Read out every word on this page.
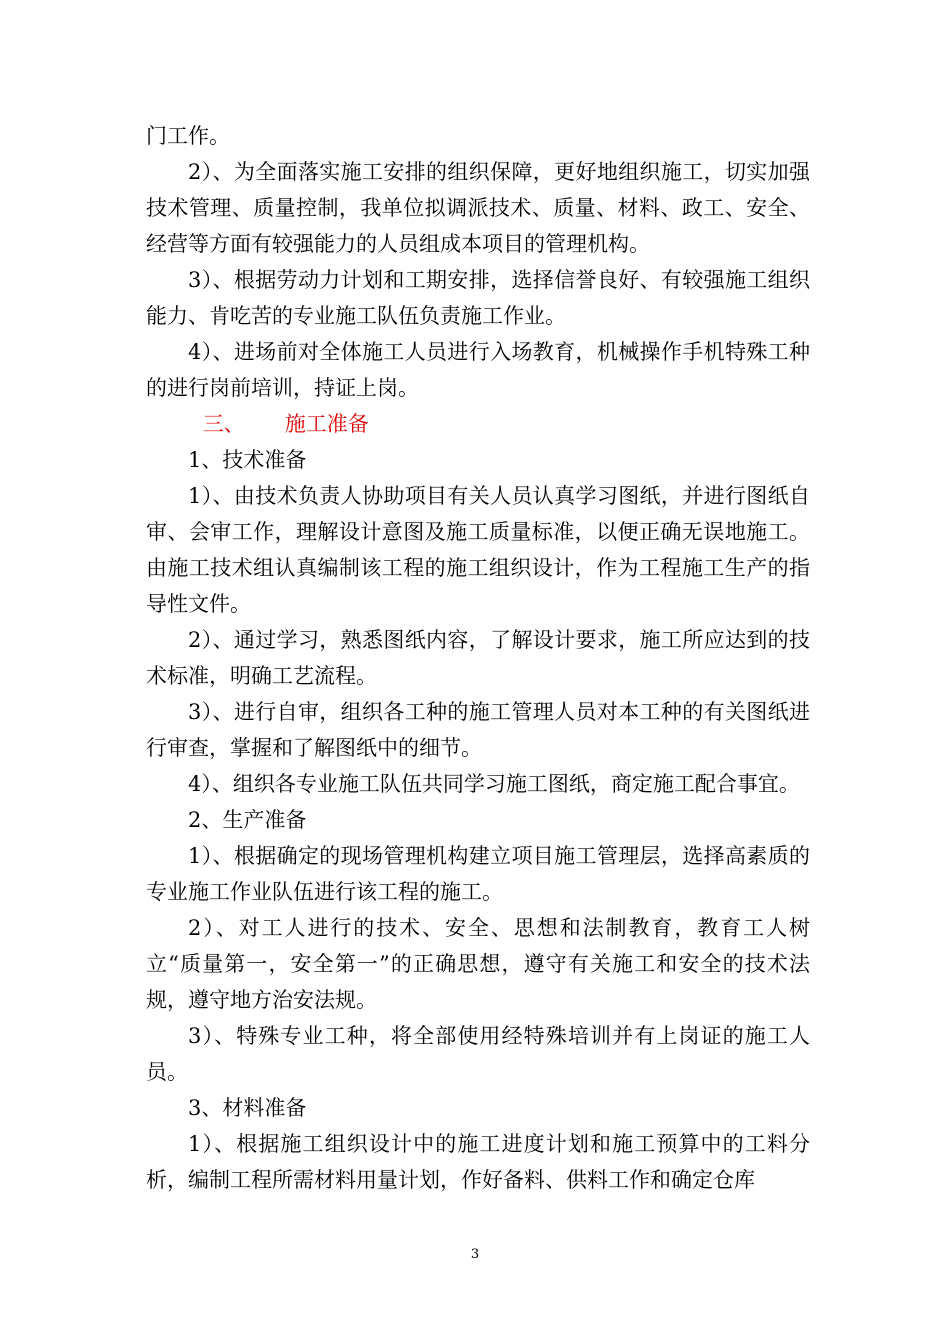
门工作。

2）、为全面落实施工安排的组织保障，更好地组织施工，切实加强技术管理、质量控制，我单位拟调派技术、质量、材料、政工、安全、经营等方面有较强能力的人员组成本项目的管理机构。

3）、根据劳动力计划和工期安排，选择信誉良好、有较强施工组织能力、肯吃苦的专业施工队伍负责施工作业。

4）、进场前对全体施工人员进行入场教育，机械操作手机特殊工种的进行岗前培训，持证上岗。

三、      施工准备

1、技术准备

1）、由技术负责人协助项目有关人员认真学习图纸，并进行图纸自审、会审工作，理解设计意图及施工质量标准，以便正确无误地施工。由施工技术组认真编制该工程的施工组织设计，作为工程施工生产的指导性文件。

2）、通过学习，熟悉图纸内容，了解设计要求，施工所应达到的技术标准，明确工艺流程。

3）、进行自审，组织各工种的施工管理人员对本工种的有关图纸进行审查，掌握和了解图纸中的细节。

4）、组织各专业施工队伍共同学习施工图纸，商定施工配合事宜。

2、生产准备

1）、根据确定的现场管理机构建立项目施工管理层，选择高素质的专业施工作业队伍进行该工程的施工。

2）、对工人进行的技术、安全、思想和法制教育，教育工人树立“质量第一，安全第一”的正确思想，遵守有关施工和安全的技术法规，遵守地方治安法规。

3）、特殊专业工种，将全部使用经特殊培训并有上岗证的施工人员。

3、材料准备

1）、根据施工组织设计中的施工进度计划和施工预算中的工料分析，编制工程所需材料用量计划，作好备料、供料工作和确定仓库

3
